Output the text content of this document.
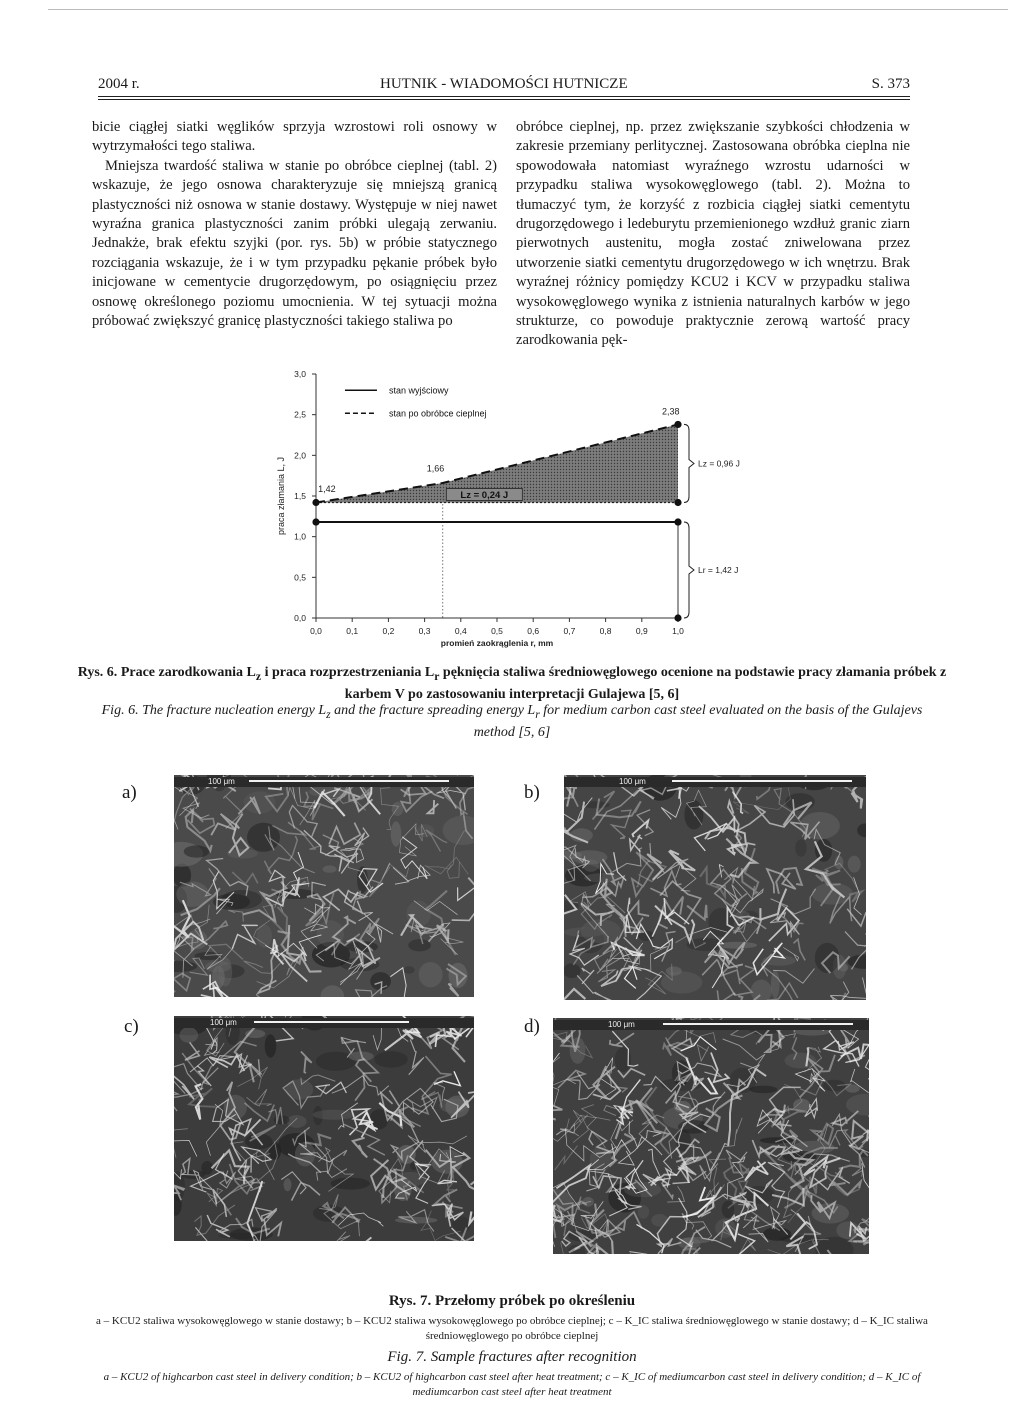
2004 r.	HUTNIK - WIADOMOŚCI HUTNICZE	S. 373

bicie ciągłej siatki węglików sprzyja wzrostowi roli osnowy w wytrzymałości tego staliwa.

Mniejsza twardość staliwa w stanie po obróbce cieplnej (tabl. 2) wskazuje, że jego osnowa charakteryzuje się mniejszą granicą plastyczności niż osnowa w stanie dostawy. Występuje w niej nawet wyraźna granica plastyczności zanim próbki ulegają zerwaniu. Jednakże, brak efektu szyjki (por. rys. 5b) w próbie statycznego rozciągania wskazuje, że i w tym przypadku pękanie próbek było inicjowane w cementycie drugorzędowym, po osiągnięciu przez osnowę określonego poziomu umocnienia. W tej sytuacji można próbować zwiększyć granicę plastyczności takiego staliwa po

obróbce cieplnej, np. przez zwiększanie szybkości chłodzenia w zakresie przemiany perlitycznej. Zastosowana obróbka cieplna nie spowodowała natomiast wyraźnego wzrostu udarności w przypadku staliwa wysokowęglowego (tabl. 2). Można to tłumaczyć tym, że korzyść z rozbicia ciągłej siatki cementytu drugorzędowego i ledeburytu przemienionego wzdłuż granic ziarn pierwotnych austenitu, mogła zostać zniwelowana przez utworzenie siatki cementytu drugorzędowego w ich wnętrzu. Brak wyraźnej różnicy pomiędzy KCU2 i KCV w przypadku staliwa wysokowęglowego wynika z istnienia naturalnych karbów w jego strukturze, co powoduje praktycznie zerową wartość pracy zarodkowania pęk-

0,0
0,5
1,0
1,5
2,0
2,5
3,0
0,0	0,1	0,2	0,3	0,4	0,5	0,6	0,7	0,8	0,9	1,0
promień zaokrąglenia r, mm
praca złamania L, J	1,42
1,66
2,38
Lz = 0,24 J
Lz = 0,96 J
Lr = 1,42 J
stan wyjściowy
stan po obróbce cieplnej
Rys. 6. Prace zarodkowania $L_z$ i praca rozprzestrzeniania $L_r$ pęknięcia staliwa średniowęglowego ocenione na podstawie pracy złamania próbek z karbem V po zastosowaniu interpretacji Gulajewa [5, 6]
Fig. 6. The fracture nucleation energy $L_z$ and the fracture spreading energy $L_r$ for medium carbon cast steel evaluated on the basis of the Gulajevs method [5, 6]
a)
100 μm
b)
100 μm
c)	100 μm	d)	100 μm
Rys. 7. Przełomy próbek po określeniu
a – KCU2 staliwa wysokowęglowego w stanie dostawy; b – KCU2 staliwa wysokowęglowego po obróbce cieplnej; c – K_IC staliwa średniowęglowego w stanie dostawy; d – K_IC staliwa średniowęglowego po obróbce cieplnej
Fig. 7. Sample fractures after recognition
a – KCU2 of highcarbon cast steel in delivery condition; b – KCU2 of highcarbon cast steel after heat treatment; c – K_IC of mediumcarbon cast steel in delivery condition; d – K_IC of mediumcarbon cast steel after heat treatment
